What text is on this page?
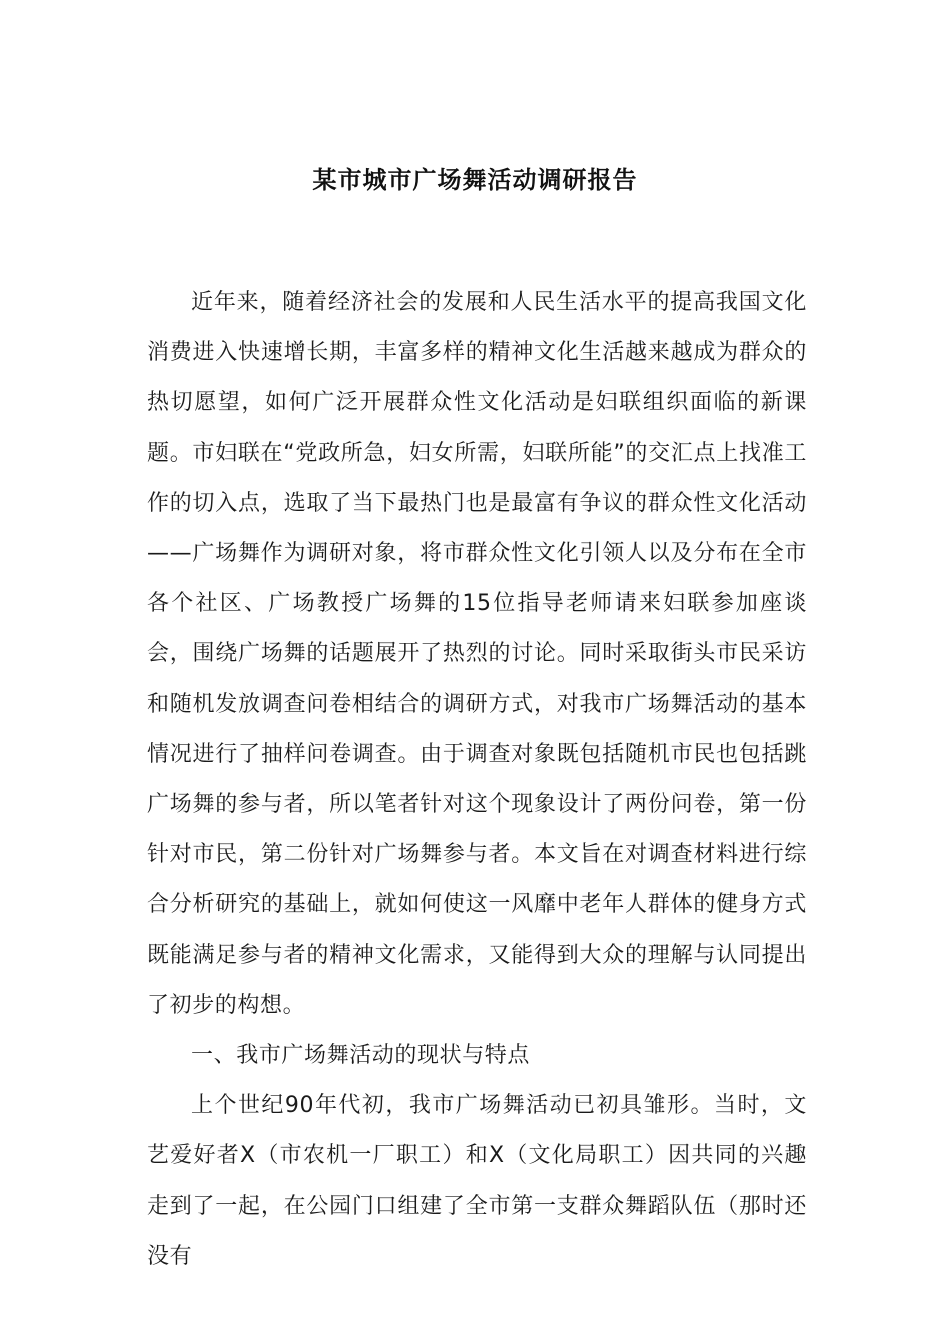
某市城市广场舞活动调研报告

近年来，随着经济社会的发展和人民生活水平的提高我国文化消费进入快速增长期，丰富多样的精神文化生活越来越成为群众的热切愿望，如何广泛开展群众性文化活动是妇联组织面临的新课题。市妇联在“党政所急，妇女所需，妇联所能”的交汇点上找准工作的切入点，选取了当下最热门也是最富有争议的群众性文化活动——广场舞作为调研对象，将市群众性文化引领人以及分布在全市各个社区、广场教授广场舞的15位指导老师请来妇联参加座谈会，围绕广场舞的话题展开了热烈的讨论。同时采取街头市民采访和随机发放调查问卷相结合的调研方式，对我市广场舞活动的基本情况进行了抽样问卷调查。由于调查对象既包括随机市民也包括跳广场舞的参与者，所以笔者针对这个现象设计了两份问卷，第一份针对市民，第二份针对广场舞参与者。本文旨在对调查材料进行综合分析研究的基础上，就如何使这一风靡中老年人群体的健身方式既能满足参与者的精神文化需求，又能得到大众的理解与认同提出了初步的构想。

一、我市广场舞活动的现状与特点

上个世纪90年代初，我市广场舞活动已初具雏形。当时，文艺爱好者X（市农机一厂职工）和X（文化局职工）因共同的兴趣走到了一起，在公园门口组建了全市第一支群众舞蹈队伍（那时还没有
